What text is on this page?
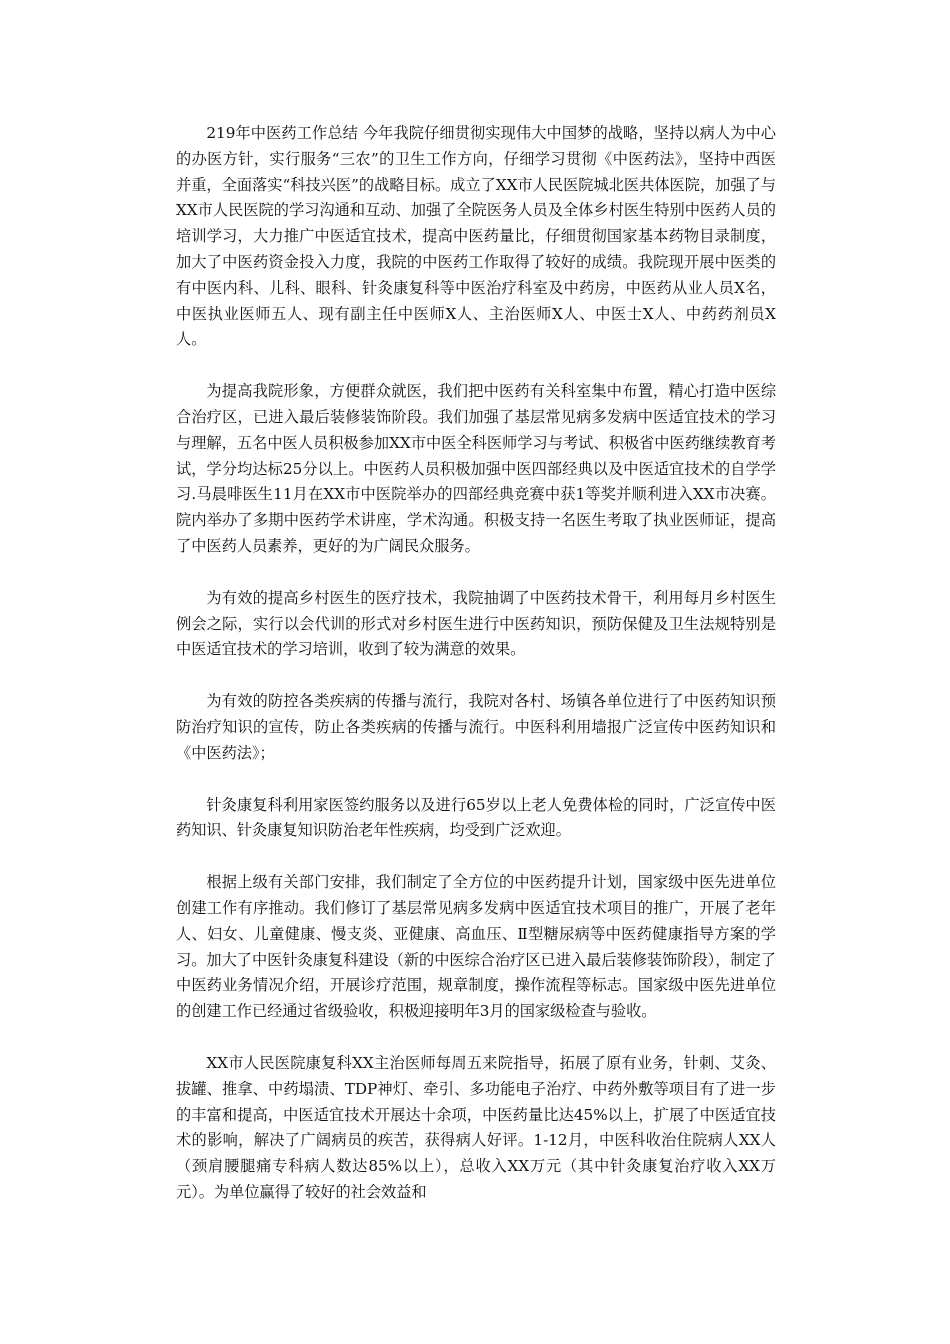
219年中医药工作总结 今年我院仔细贯彻实现伟大中国梦的战略，坚持以病人为中心的办医方针，实行服务“三农”的卫生工作方向，仔细学习贯彻《中医药法》，坚持中西医并重，全面落实“科技兴医”的战略目标。成立了XX市人民医院城北医共体医院，加强了与XX市人民医院的学习沟通和互动、加强了全院医务人员及全体乡村医生特别中医药人员的培训学习，大力推广中医适宜技术，提高中医药量比，仔细贯彻国家基本药物目录制度，加大了中医药资金投入力度，我院的中医药工作取得了较好的成绩。我院现开展中医类的有中医内科、儿科、眼科、针灸康复科等中医治疗科室及中药房，中医药从业人员X名，中医执业医师五人、现有副主任中医师X人、主治医师X人、中医士X人、中药药剂员X人。

为提高我院形象，方便群众就医，我们把中医药有关科室集中布置，精心打造中医综合治疗区，已进入最后装修装饰阶段。我们加强了基层常见病多发病中医适宜技术的学习与理解，五名中医人员积极参加XX市中医全科医师学习与考试、积极省中医药继续教育考试，学分均达标25分以上。中医药人员积极加强中医四部经典以及中医适宜技术的自学学习.马晨啡医生11月在XX市中医院举办的四部经典竞赛中获1等奖并顺利进入XX市决赛。院内举办了多期中医药学术讲座，学术沟通。积极支持一名医生考取了执业医师证，提高了中医药人员素养，更好的为广阔民众服务。

为有效的提高乡村医生的医疗技术，我院抽调了中医药技术骨干，利用每月乡村医生例会之际，实行以会代训的形式对乡村医生进行中医药知识，预防保健及卫生法规特别是中医适宜技术的学习培训，收到了较为满意的效果。

为有效的防控各类疾病的传播与流行，我院对各村、场镇各单位进行了中医药知识预防治疗知识的宣传，防止各类疾病的传播与流行。中医科利用墙报广泛宣传中医药知识和《中医药法》；

针灸康复科利用家医签约服务以及进行65岁以上老人免费体检的同时，广泛宣传中医药知识、针灸康复知识防治老年性疾病，均受到广泛欢迎。

根据上级有关部门安排，我们制定了全方位的中医药提升计划，国家级中医先进单位创建工作有序推动。我们修订了基层常见病多发病中医适宜技术项目的推广，开展了老年人、妇女、儿童健康、慢支炎、亚健康、高血压、Ⅱ型糖尿病等中医药健康指导方案的学习。加大了中医针灸康复科建设（新的中医综合治疗区已进入最后装修装饰阶段），制定了中医药业务情况介绍，开展诊疗范围，规章制度，操作流程等标志。国家级中医先进单位的创建工作已经通过省级验收，积极迎接明年3月的国家级检查与验收。

XX市人民医院康复科XX主治医师每周五来院指导，拓展了原有业务，针刺、艾灸、拔罐、推拿、中药塌渍、TDP神灯、牵引、多功能电子治疗、中药外敷等项目有了进一步的丰富和提高，中医适宜技术开展达十余项，中医药量比达45%以上，扩展了中医适宜技术的影响，解决了广阔病员的疾苦，获得病人好评。1-12月，中医科收治住院病人XX人（颈肩腰腿痛专科病人数达85%以上），总收入XX万元（其中针灸康复治疗收入XX万元）。为单位赢得了较好的社会效益和
